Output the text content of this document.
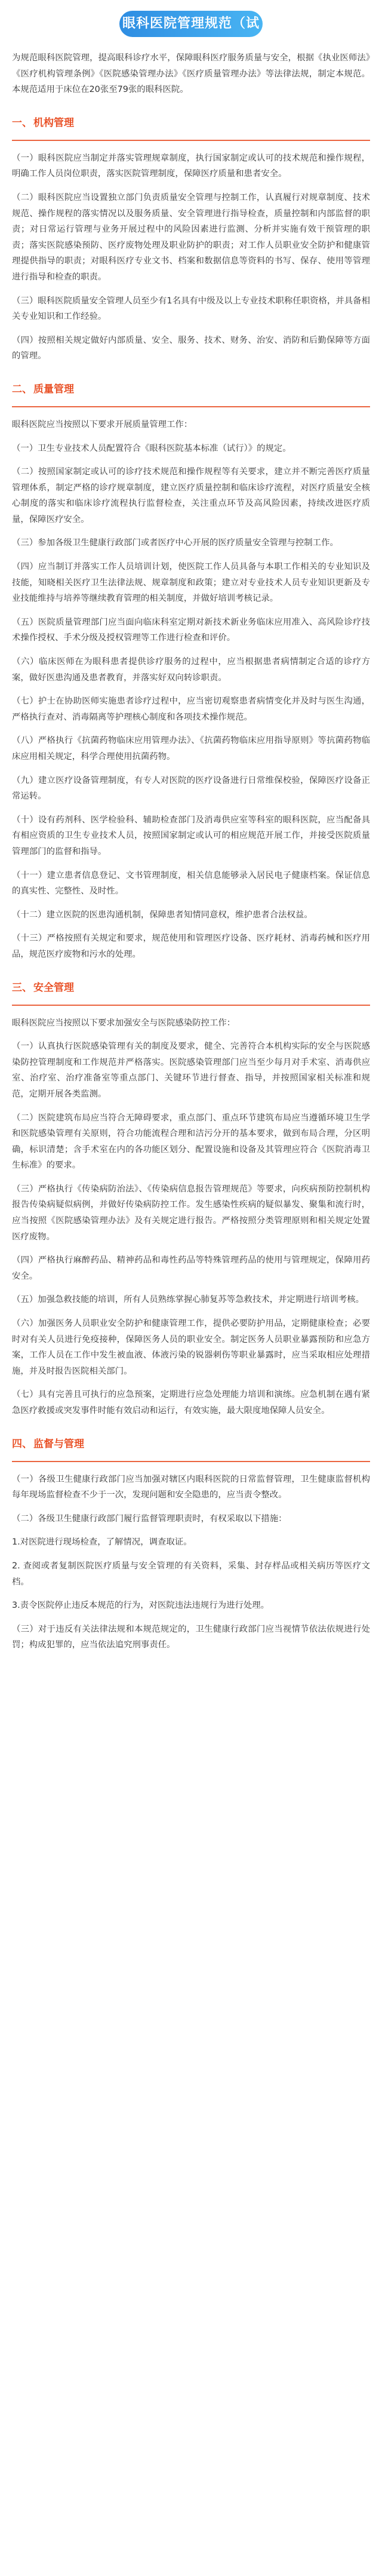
眼科医院管理规范（试行）

为规范眼科医院管理，提高眼科诊疗水平，保障眼科医疗服务质量与安全，根据《执业医师法》《医疗机构管理条例》《医院感染管理办法》《医疗质量管理办法》等法律法规，制定本规范。本规范适用于床位在20张至79张的眼科医院。

一、 机构管理

（一）眼科医院应当制定并落实管理规章制度，执行国家制定或认可的技术规范和操作规程，明确工作人员岗位职责，落实医院管理制度，保障医疗质量和患者安全。

（二）眼科医院应当设置独立部门负责质量安全管理与控制工作，认真履行对规章制度、技术规范、操作规程的落实情况以及服务质量、安全管理进行指导检查，质量控制和内部监督的职责；对日常运行管理与业务开展过程中的风险因素进行监测、分析并实施有效干预管理的职责；落实医院感染预防、医疗废物处理及职业防护的职责；对工作人员职业安全防护和健康管理提供指导的职责；对眼科医疗专业文书、档案和数据信息等资料的书写、保存、使用等管理进行指导和检查的职责。

（三）眼科医院质量安全管理人员至少有1名具有中级及以上专业技术职称任职资格，并具备相关专业知识和工作经验。

（四）按照相关规定做好内部质量、安全、服务、技术、财务、治安、消防和后勤保障等方面的管理。

二、 质量管理

眼科医院应当按照以下要求开展质量管理工作：

（一）卫生专业技术人员配置符合《眼科医院基本标准（试行）》的规定。

（二）按照国家制定或认可的诊疗技术规范和操作规程等有关要求，建立并不断完善医疗质量管理体系，制定严格的诊疗规章制度，建立医疗质量控制和临床诊疗流程，对医疗质量安全核心制度的落实和临床诊疗流程执行监督检查，关注重点环节及高风险因素，持续改进医疗质量，保障医疗安全。

（三）参加各级卫生健康行政部门或者医疗中心开展的医疗质量安全管理与控制工作。

（四）应当制订并落实工作人员培训计划，使医院工作人员具备与本职工作相关的专业知识及技能，知晓相关医疗卫生法律法规、规章制度和政策；建立对专业技术人员专业知识更新及专业技能维持与培养等继续教育管理的相关制度，并做好培训考核记录。

（五）医院质量管理部门应当面向临床科室定期对新技术新业务临床应用准入、高风险诊疗技术操作授权、手术分级及授权管理等工作进行检查和评价。

（六）临床医师在为眼科患者提供诊疗服务的过程中，应当根据患者病情制定合适的诊疗方案，做好医患沟通及患者教育，并落实好双向转诊职责。

（七）护士在协助医师实施患者诊疗过程中，应当密切观察患者病情变化并及时与医生沟通，严格执行查对、消毒隔离等护理核心制度和各项技术操作规范。

（八）严格执行《抗菌药物临床应用管理办法》、《抗菌药物临床应用指导原则》等抗菌药物临床应用相关规定，科学合理使用抗菌药物。

（九）建立医疗设备管理制度，有专人对医院的医疗设备进行日常维保校验，保障医疗设备正常运转。

（十）设有药剂科、医学检验科、辅助检查部门及消毒供应室等科室的眼科医院，应当配备具有相应资质的卫生专业技术人员，按照国家制定或认可的相应规范开展工作，并接受医院质量管理部门的监督和指导。

（十一）建立患者信息登记、文书管理制度，相关信息能够录入居民电子健康档案。保证信息的真实性、完整性、及时性。

（十二）建立医院的医患沟通机制，保障患者知情同意权，维护患者合法权益。

（十三）严格按照有关规定和要求，规范使用和管理医疗设备、医疗耗材、消毒药械和医疗用品，规范医疗废物和污水的处理。

三、 安全管理

眼科医院应当按照以下要求加强安全与医院感染防控工作：

（一）认真执行医院感染管理有关的制度及要求，健全、完善符合本机构实际的安全与医院感染防控管理制度和工作规范并严格落实。医院感染管理部门应当至少每月对手术室、消毒供应室、治疗室、治疗准备室等重点部门、关键环节进行督查、指导，并按照国家相关标准和规范，定期开展各类监测。

（二）医院建筑布局应当符合无障碍要求，重点部门、重点环节建筑布局应当遵循环境卫生学和医院感染管理有关原则，符合功能流程合理和洁污分开的基本要求，做到布局合理，分区明确，标识清楚；含手术室在内的各功能区划分、配置设施和设备及其管理应符合《医院消毒卫生标准》的要求。

（三）严格执行《传染病防治法》、《传染病信息报告管理规范》等要求，向疾病预防控制机构报告传染病疑似病例，并做好传染病防控工作。发生感染性疾病的疑似暴发、聚集和流行时，应当按照《医院感染管理办法》及有关规定进行报告。严格按照分类管理原则和相关规定处置医疗废物。

（四）严格执行麻醉药品、精神药品和毒性药品等特殊管理药品的使用与管理规定，保障用药安全。

（五）加强急救技能的培训，所有人员熟练掌握心肺复苏等急救技术，并定期进行培训考核。

（六）加强医务人员职业安全防护和健康管理工作，提供必要防护用品，定期健康检查；必要时对有关人员进行免疫接种，保障医务人员的职业安全。制定医务人员职业暴露预防和应急方案，工作人员在工作中发生被血液、体液污染的锐器刺伤等职业暴露时，应当采取相应处理措施，并及时报告医院相关部门。

（七）具有完善且可执行的应急预案，定期进行应急处理能力培训和演练。应急机制在遇有紧急医疗救援或突发事件时能有效启动和运行，有效实施，最大限度地保障人员安全。

四、 监督与管理

（一）各级卫生健康行政部门应当加强对辖区内眼科医院的日常监督管理，卫生健康监督机构每年现场监督检查不少于一次，发现问题和安全隐患的，应当责令整改。

（二）各级卫生健康行政部门履行监督管理职责时，有权采取以下措施：

1.对医院进行现场检查，了解情况，调查取证。

2. 查阅或者复制医院医疗质量与安全管理的有关资料，采集、封存样品或相关病历等医疗文档。

3.责令医院停止违反本规范的行为，对医院违法违规行为进行处理。

（三）对于违反有关法律法规和本规范规定的，卫生健康行政部门应当视情节依法依规进行处罚；构成犯罪的，应当依法追究刑事责任。
